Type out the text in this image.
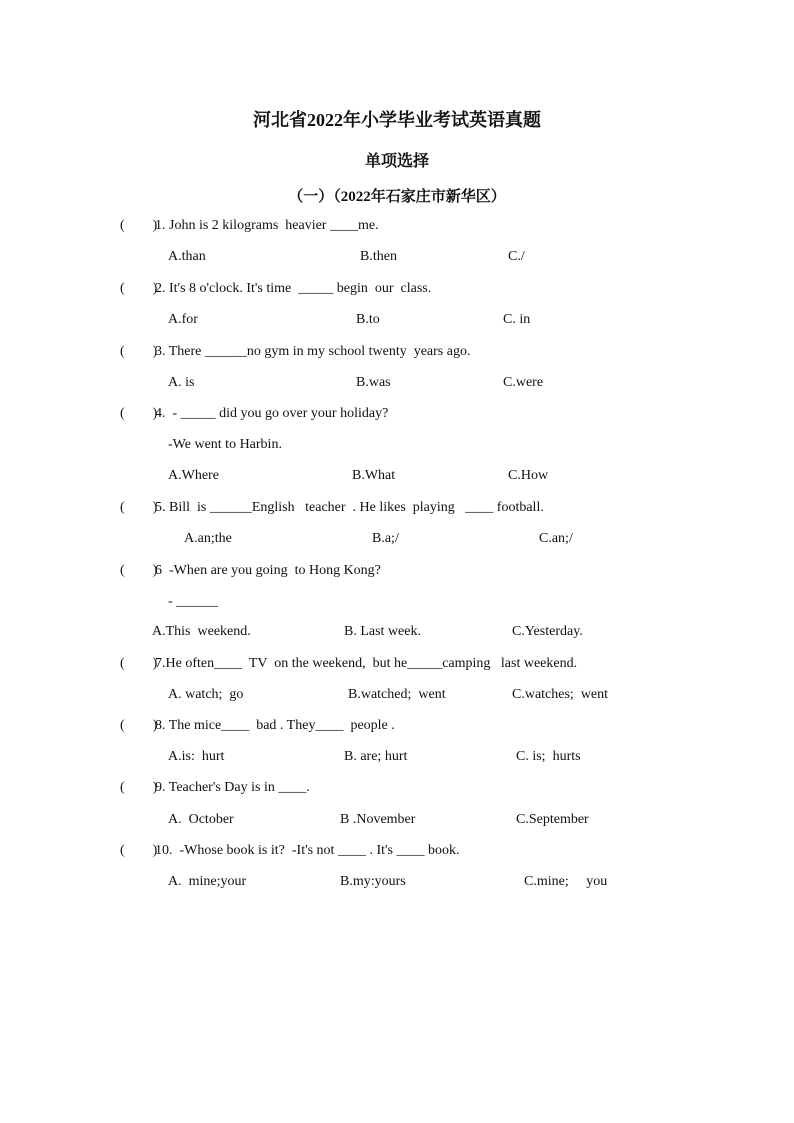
河北省2022年小学毕业考试英语真题
单项选择
（一）（2022年石家庄市新华区）
(        )
1. John is 2 kilograms  heavier ____me.
A.than	B.then	C./
(        )
2. It's 8 o'clock. It's time  _____ begin  our  class.
A.for	B.to	C. in
(        )
3. There ______no gym in my school twenty  years ago.
A. is	B.was	C.were
(        )
4.  - _____ did you go over your holiday?
-We went to Harbin.
A.Where	B.What	C.How
(        )
5. Bill  is ______English   teacher  . He likes  playing   ____ football.
A.an;the	B.a;/	C.an;/
(        )
6  -When are you going  to Hong Kong?
- ______
A.This  weekend.	B. Last week.	C.Yesterday.
(        )
7.He often____  TV  on the weekend,  but he_____camping   last weekend.
A. watch;  go	B.watched;  went	C.watches;  went
(        )
8. The mice____  bad . They____  people .
A.is:  hurt	B. are; hurt	C. is;  hurts
(        )
9. Teacher's Day is in ____.
A.  October	B .November	C.September
(        )
10.  -Whose book is it?  -It's not ____ . It's ____ book.
A.  mine;your	B.my:yours	C.mine;     you
